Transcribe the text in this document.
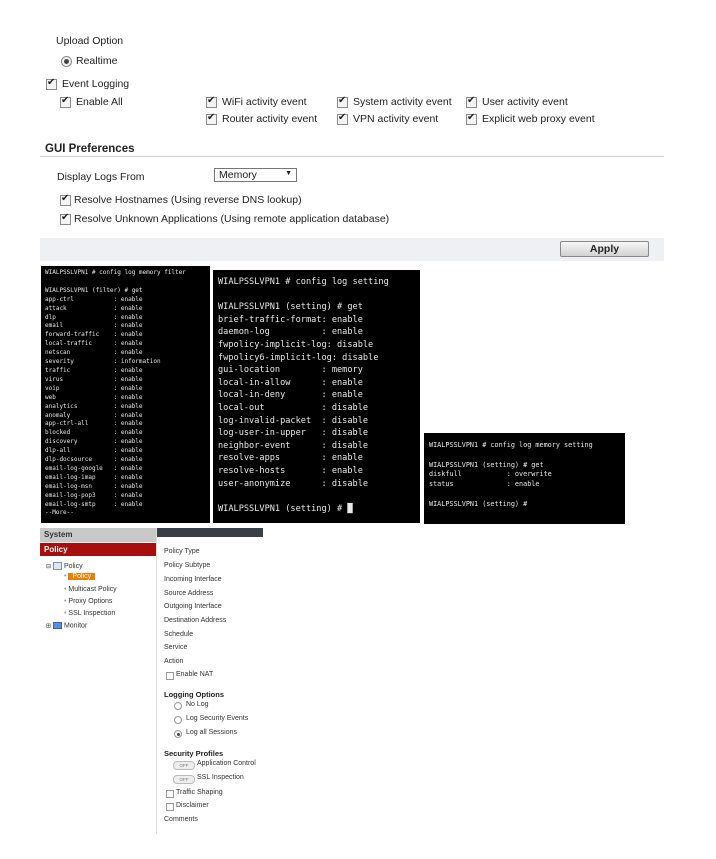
Upload Option
Realtime
✔
Event Logging
✔
Enable All ✔	WiFi activity event ✔	System activity event ✔	User activity event
✔
Router activity event ✔	VPN activity event ✔	Explicit web proxy event
GUI Preferences
Display Logs From	Memory	▼
✔
Resolve Hostnames (Using reverse DNS lookup)
✔
Resolve Unknown Applications (Using remote application database)
Apply
WIALPSSLVPN1 # config log memory filter

WIALPSSLVPN1 (filter) # get
app-ctrl           : enable
attack             : enable
dlp                : enable
email              : enable
forward-traffic    : enable
local-traffic      : enable
netscan            : enable
severity           : information
traffic            : enable
virus              : enable
voip               : enable
web                : enable
analytics          : enable
anomaly            : enable
app-ctrl-all       : enable
blocked            : enable
discovery          : enable
dlp-all            : enable
dlp-docsource      : enable
email-log-google   : enable
email-log-imap     : enable
email-log-msn      : enable
email-log-pop3     : enable
email-log-smtp     : enable
--More--
WIALPSSLVPN1 # config log setting

WIALPSSLVPN1 (setting) # get
brief-traffic-format: enable
daemon-log          : enable
fwpolicy-implicit-log: disable
fwpolicy6-implicit-log: disable
gui-location        : memory
local-in-allow      : enable
local-in-deny       : enable
local-out           : disable
log-invalid-packet  : disable
log-user-in-upper   : disable
neighbor-event      : disable
resolve-apps        : enable
resolve-hosts       : enable
user-anonymize      : disable

WIALPSSLVPN1 (setting) # █
WIALPSSLVPN1 # config log memory setting

WIALPSSLVPN1 (setting) # get
diskfull           : overwrite
status             : enable

WIALPSSLVPN1 (setting) #
System
Policy
⊟ Policy
• Policy
• Multicast Policy
• Proxy Options
• SSL Inspection
⊞ Monitor
Policy Type
Policy Subtype
Incoming Interface
Source Address
Outgoing Interface
Destination Address
Schedule
Service
Action
Enable NAT
Logging Options
No Log
Log Security Events
Log all Sessions
Security Profiles
OFF	Application Control
OFF	SSL Inspection
Traffic Shaping
Disclaimer
Comments
